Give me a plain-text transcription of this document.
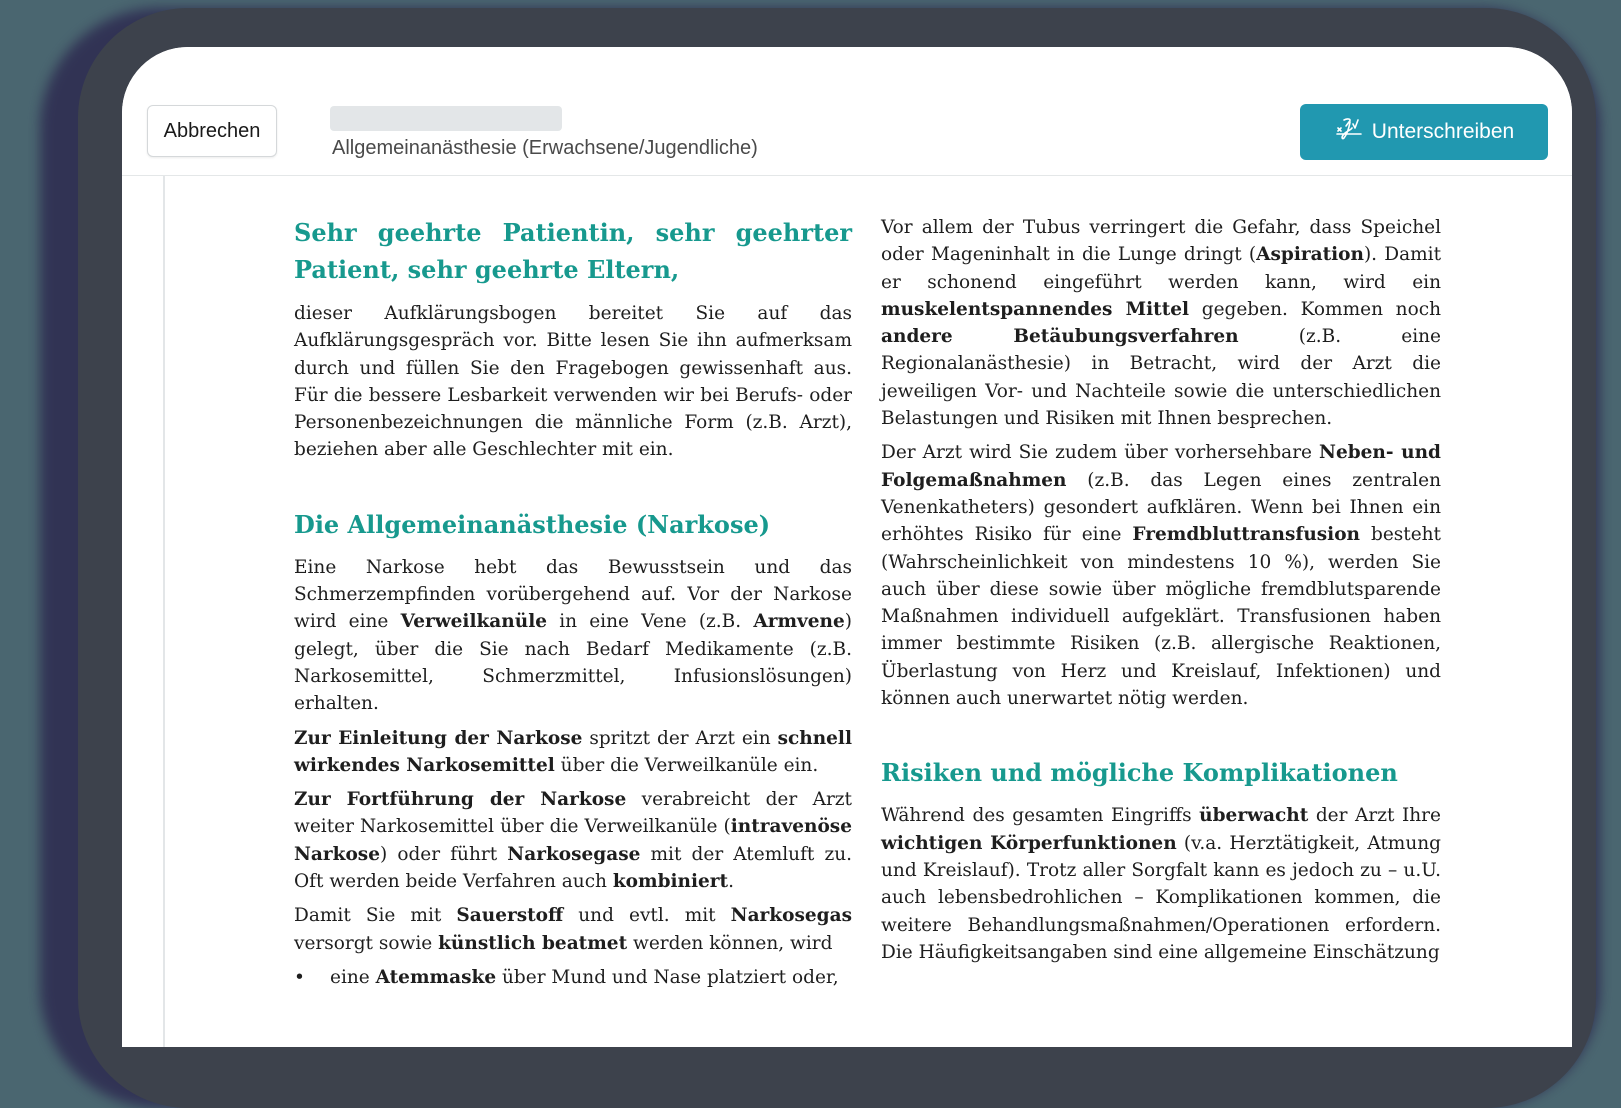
Abbrechen
Allgemeinanästhesie (Erwachsene/Jugendliche)
Unterschreiben
Sehr geehrte Patientin, sehr geehrter Patient, sehr geehrte Eltern,

dieser Aufklärungsbogen bereitet Sie auf das Aufklärungsgespräch vor. Bitte lesen Sie ihn aufmerksam durch und füllen Sie den Fragebogen gewissenhaft aus. Für die bessere Lesbarkeit verwenden wir bei Berufs- oder Personenbezeichnungen die männliche Form (z.B. Arzt), beziehen aber alle Geschlechter mit ein.

Die Allgemeinanästhesie (Narkose)

Eine Narkose hebt das Bewusstsein und das Schmerzempfinden vorübergehend auf. Vor der Narkose wird eine Verweilkanüle in eine Vene (z.B. Armvene) gelegt, über die Sie nach Bedarf Medikamente (z.B. Narkosemittel, Schmerzmittel, Infusionslösungen) erhalten.

Zur Einleitung der Narkose spritzt der Arzt ein schnell wirkendes Narkosemittel über die Verweilkanüle ein.

Zur Fortführung der Narkose verabreicht der Arzt weiter Narkosemittel über die Verweilkanüle (intravenöse Narkose) oder führt Narkosegase mit der Atemluft zu. Oft werden beide Verfahren auch kombiniert.

Damit Sie mit Sauerstoff und evtl. mit Narkosegas versorgt sowie künstlich beatmet werden können, wird

• eine Atemmaske über Mund und Nase platziert oder,

Vor allem der Tubus verringert die Gefahr, dass Speichel oder Mageninhalt in die Lunge dringt (Aspiration). Damit er schonend eingeführt werden kann, wird ein muskelentspannendes Mittel gegeben. Kommen noch andere Betäubungsverfahren (z.B. eine Regionalanästhesie) in Betracht, wird der Arzt die jeweiligen Vor- und Nachteile sowie die unterschiedlichen Belastungen und Risiken mit Ihnen besprechen.

Der Arzt wird Sie zudem über vorhersehbare Neben- und Folgemaßnahmen (z.B. das Legen eines zentralen Venenkatheters) gesondert aufklären. Wenn bei Ihnen ein erhöhtes Risiko für eine Fremdbluttransfusion besteht (Wahrscheinlichkeit von mindestens 10 %), werden Sie auch über diese sowie über mögliche fremdblutsparende Maßnahmen individuell aufgeklärt. Transfusionen haben immer bestimmte Risiken (z.B. allergische Reaktionen, Überlastung von Herz und Kreislauf, Infektionen) und können auch unerwartet nötig werden.

Risiken und mögliche Komplikationen

Während des gesamten Eingriffs überwacht der Arzt Ihre wichtigen Körperfunktionen (v.a. Herztätigkeit, Atmung und Kreislauf). Trotz aller Sorgfalt kann es jedoch zu – u.U. auch lebensbedrohlichen – Komplikationen kommen, die weitere Behandlungsmaßnahmen/Operationen erfordern. Die Häufigkeitsangaben sind eine allgemeine Einschätzung
